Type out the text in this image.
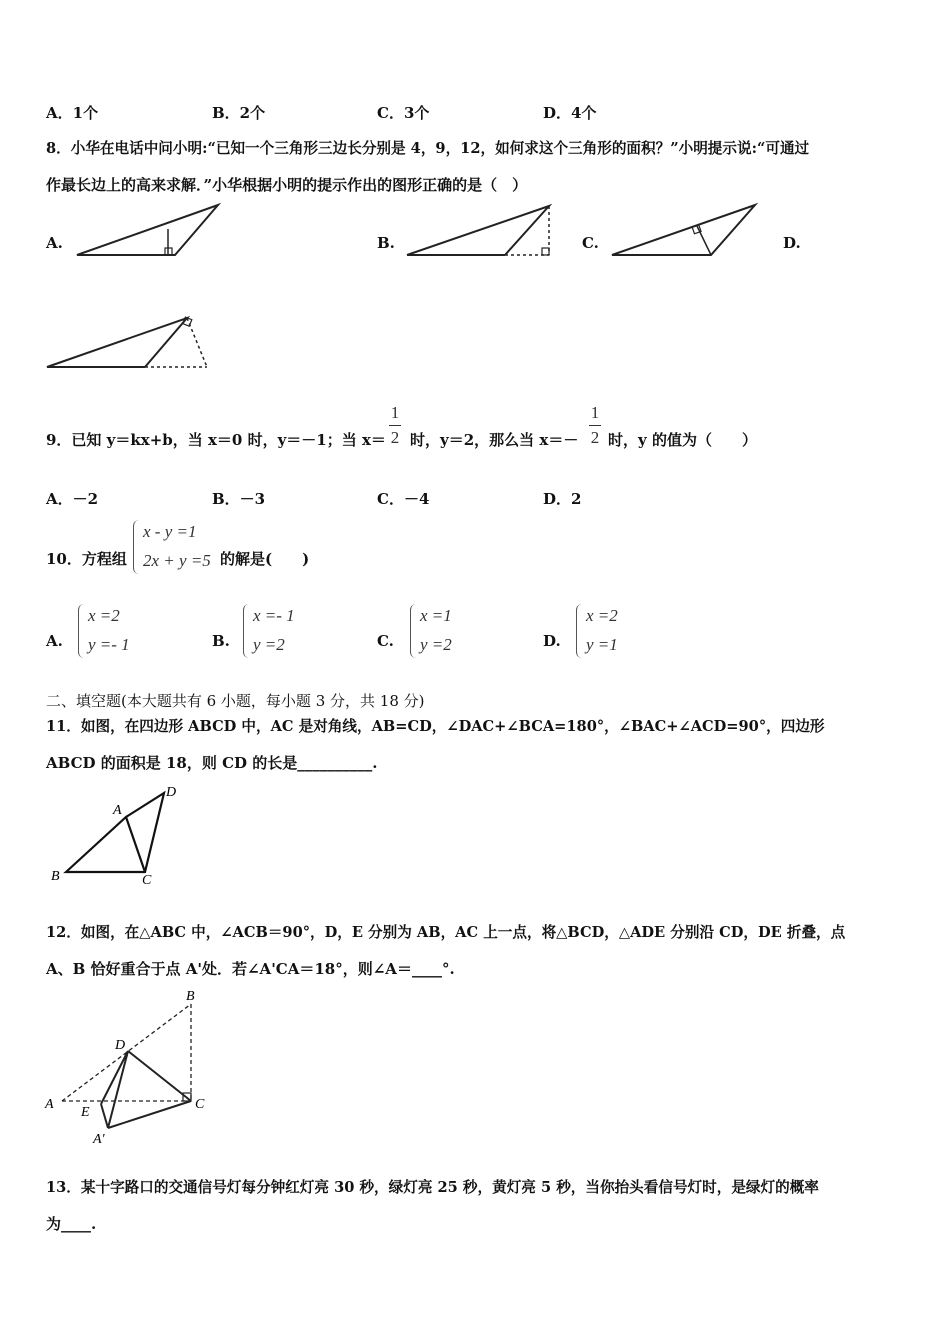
A．1个	B．2个	C．3个	D．4个
8．小华在电话中问小明:“已知一个三角形三边长分别是 4，9，12，如何求这个三角形的面积？”小明提示说:“可通过
作最长边上的高来求解．”小华根据小明的提示作出的图形正确的是（　）
A.	B.	C.	D.
9．已知 y＝kx+b，当 x＝0 时，y＝－1；当 x＝
1
2 时，y＝2，那么当 x＝－
1
2 时，y 的值为（　　）
A．－2	B．－3	C．－4	D．2
10．方程组
x - y =1
2x + y =5 的解是(　　)
A.
x =2
y =- 1	B.
x =- 1
y =2	C.
x =1
y =2	D.
x =2
y =1
二、填空题(本大题共有 6 小题，每小题 3 分，共 18 分)
11．如图，在四边形 ABCD 中，AC 是对角线，AB=CD，∠DAC+∠BCA=180°，∠BAC+∠ACD=90°，四边形
ABCD 的面积是 18，则 CD 的长是__________.
A
B	C
D
12．如图，在△ABC 中，∠ACB＝90°，D，E 分别为 AB，AC 上一点，将△BCD，△ADE 分别沿 CD，DE 折叠，点
A、B 恰好重合于点 A'处．若∠A'CA＝18°，则∠A＝____°.
A
B
C
D
E
A′
13．某十字路口的交通信号灯每分钟红灯亮 30 秒，绿灯亮 25 秒，黄灯亮 5 秒，当你抬头看信号灯时，是绿灯的概率
为____.
